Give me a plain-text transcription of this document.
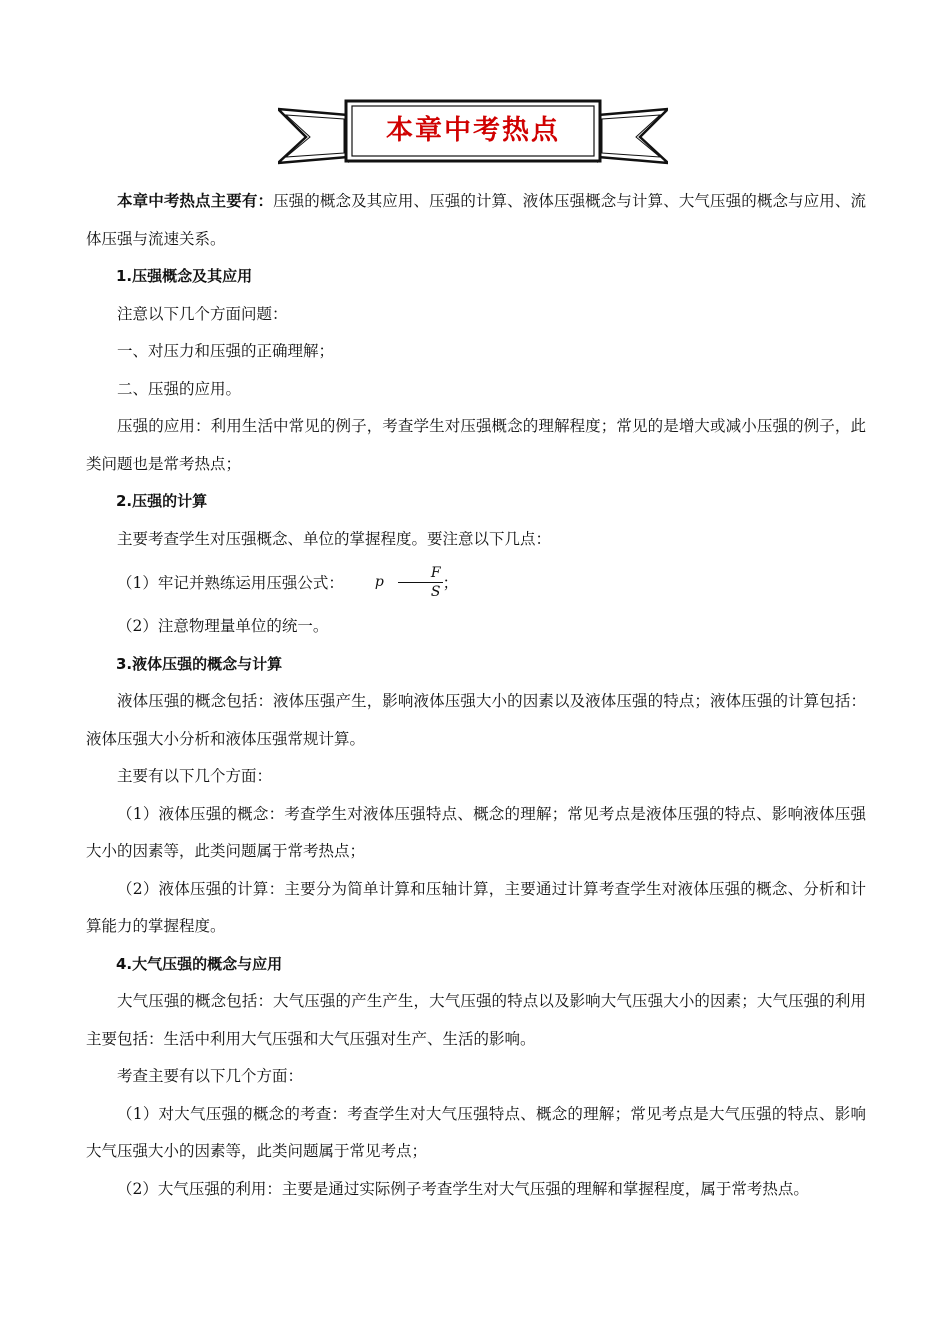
本章中考热点

本章中考热点主要有：压强的概念及其应用、压强的计算、液体压强概念与计算、大气压强的概念与应用、流体压强与流速关系。

1.压强概念及其应用

注意以下几个方面问题：

一、对压力和压强的正确理解；

二、压强的应用。

压强的应用：利用生活中常见的例子，考查学生对压强概念的理解程度；常见的是增大或减小压强的例子，此类问题也是常考热点；

2.压强的计算

主要考查学生对压强概念、单位的掌握程度。要注意以下几点：

（1）牢记并熟练运用压强公式： p $\frac{F}{S}$ ；

（2）注意物理量单位的统一。

3.液体压强的概念与计算

液体压强的概念包括：液体压强产生，影响液体压强大小的因素以及液体压强的特点；液体压强的计算包括：液体压强大小分析和液体压强常规计算。

主要有以下几个方面：

（1）液体压强的概念：考查学生对液体压强特点、概念的理解；常见考点是液体压强的特点、影响液体压强大小的因素等，此类问题属于常考热点；

（2）液体压强的计算：主要分为简单计算和压轴计算，主要通过计算考查学生对液体压强的概念、分析和计算能力的掌握程度。

4.大气压强的概念与应用

大气压强的概念包括：大气压强的产生产生，大气压强的特点以及影响大气压强大小的因素；大气压强的利用主要包括：生活中利用大气压强和大气压强对生产、生活的影响。

考查主要有以下几个方面：

（1）对大气压强的概念的考查：考查学生对大气压强特点、概念的理解；常见考点是大气压强的特点、影响大气压强大小的因素等，此类问题属于常见考点；

（2）大气压强的利用：主要是通过实际例子考查学生对大气压强的理解和掌握程度，属于常考热点。
